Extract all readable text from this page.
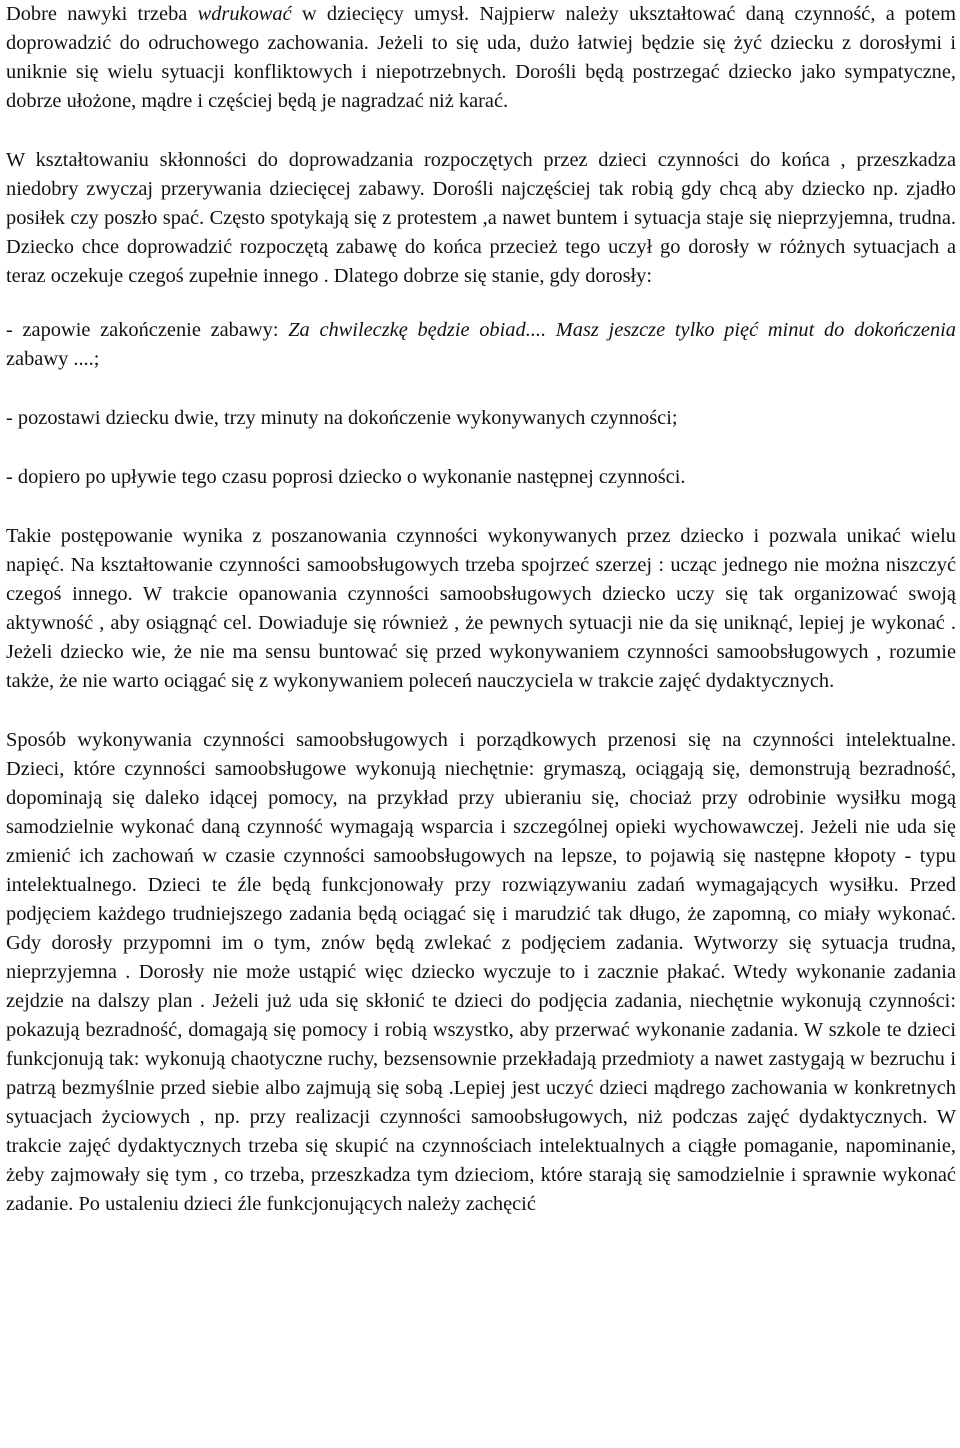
Dobre nawyki trzeba wdrukować w dziecięcy umysł. Najpierw należy ukształtować daną czynność, a potem doprowadzić do odruchowego zachowania. Jeżeli to się uda, dużo łatwiej będzie się żyć dziecku z dorosłymi i uniknie się wielu sytuacji konfliktowych i niepotrzebnych. Dorośli będą postrzegać dziecko jako sympatyczne, dobrze ułożone, mądre i częściej będą je nagradzać niż karać.

W kształtowaniu skłonności do doprowadzania rozpoczętych przez dzieci czynności do końca , przeszkadza niedobry zwyczaj przerywania dziecięcej zabawy. Dorośli najczęściej tak robią gdy chcą aby dziecko np. zjadło posiłek czy poszło spać. Często spotykają się z protestem ,a nawet buntem i sytuacja staje się nieprzyjemna, trudna. Dziecko chce doprowadzić rozpoczętą zabawę do końca przecież tego uczył go dorosły w różnych sytuacjach a teraz oczekuje czegoś zupełnie innego . Dlatego dobrze się stanie, gdy dorosły:

- zapowie zakończenie zabawy: Za chwileczkę będzie obiad.... Masz jeszcze tylko pięć minut do dokończenia zabawy ....;

- pozostawi dziecku dwie, trzy minuty na dokończenie wykonywanych czynności;

- dopiero po upływie tego czasu poprosi dziecko o wykonanie następnej czynności.

Takie postępowanie wynika z poszanowania czynności wykonywanych przez dziecko i pozwala unikać wielu napięć. Na kształtowanie czynności samoobsługowych trzeba spojrzeć szerzej : ucząc jednego nie można niszczyć czegoś innego. W trakcie opanowania czynności samoobsługowych dziecko uczy się tak organizować swoją aktywność , aby osiągnąć cel. Dowiaduje się również , że pewnych sytuacji nie da się uniknąć, lepiej je wykonać . Jeżeli dziecko wie, że nie ma sensu buntować się przed wykonywaniem czynności samoobsługowych , rozumie także, że nie warto ociągać się z wykonywaniem poleceń nauczyciela w trakcie zajęć dydaktycznych.

Sposób wykonywania czynności samoobsługowych i porządkowych przenosi się na czynności intelektualne. Dzieci, które czynności samoobsługowe wykonują niechętnie: grymaszą, ociągają się, demonstrują bezradność, dopominają się daleko idącej pomocy, na przykład przy ubieraniu się, chociaż przy odrobinie wysiłku mogą samodzielnie wykonać daną czynność wymagają wsparcia i szczególnej opieki wychowawczej. Jeżeli nie uda się zmienić ich zachowań w czasie czynności samoobsługowych na lepsze, to pojawią się następne kłopoty - typu intelektualnego. Dzieci te źle będą funkcjonowały przy rozwiązywaniu zadań wymagających wysiłku. Przed podjęciem każdego trudniejszego zadania będą ociągać się i marudzić tak długo, że zapomną, co miały wykonać. Gdy dorosły przypomni im o tym, znów będą zwlekać z podjęciem zadania. Wytworzy się sytuacja trudna, nieprzyjemna . Dorosły nie może ustąpić więc dziecko wyczuje to i zacznie płakać. Wtedy wykonanie zadania zejdzie na dalszy plan . Jeżeli już uda się skłonić te dzieci do podjęcia zadania, niechętnie wykonują czynności: pokazują bezradność, domagają się pomocy i robią wszystko, aby przerwać wykonanie zadania. W szkole te dzieci funkcjonują tak: wykonują chaotyczne ruchy, bezsensownie przekładają przedmioty a nawet zastygają w bezruchu i patrzą bezmyślnie przed siebie albo zajmują się sobą .Lepiej jest uczyć dzieci mądrego zachowania w konkretnych sytuacjach życiowych , np. przy realizacji czynności samoobsługowych, niż podczas zajęć dydaktycznych. W trakcie zajęć dydaktycznych trzeba się skupić na czynnościach intelektualnych a ciągłe pomaganie, napominanie, żeby zajmowały się tym , co trzeba, przeszkadza tym dzieciom, które starają się samodzielnie i sprawnie wykonać zadanie. Po ustaleniu dzieci źle funkcjonujących należy zachęcić
